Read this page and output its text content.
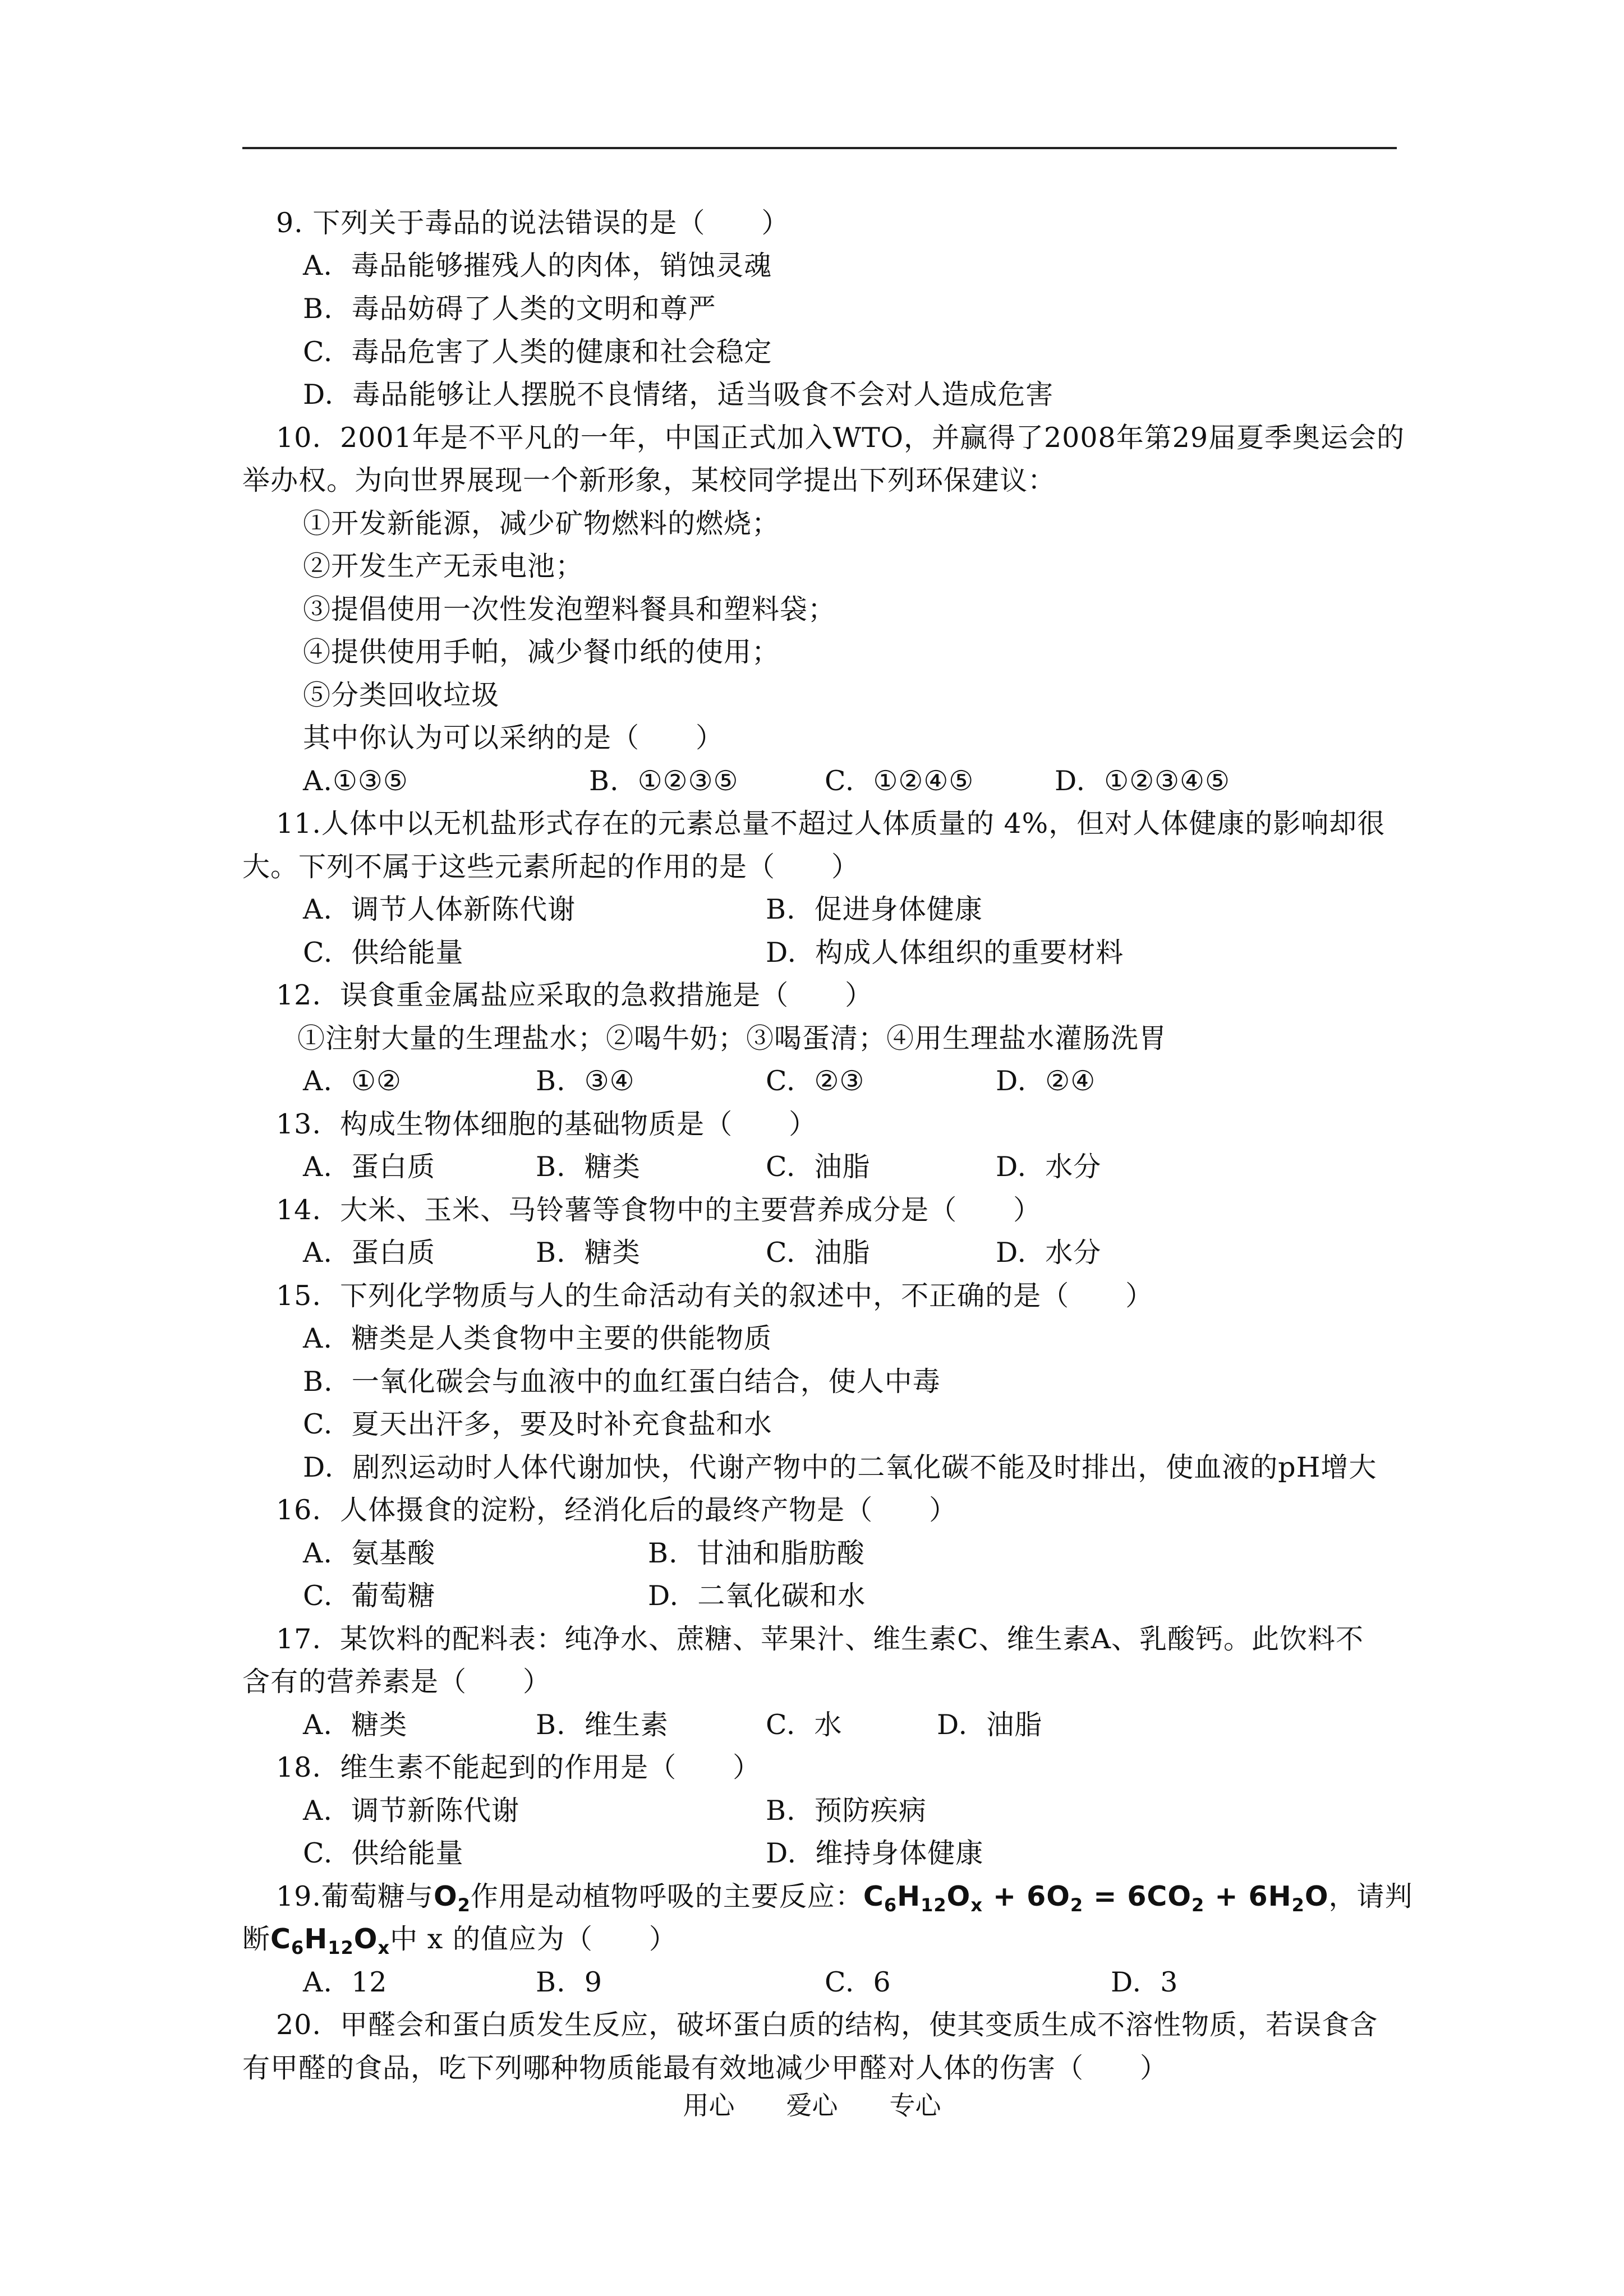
9. 下列关于毒品的说法错误的是（　　）
A.  毒品能够摧残人的肉体，销蚀灵魂
B.  毒品妨碍了人类的文明和尊严
C.  毒品危害了人类的健康和社会稳定
D.  毒品能够让人摆脱不良情绪，适当吸食不会对人造成危害
10.  2001年是不平凡的一年，中国正式加入WTO，并赢得了2008年第29届夏季奥运会的
举办权。为向世界展现一个新形象，某校同学提出下列环保建议：
①开发新能源，减少矿物燃料的燃烧；
②开发生产无汞电池；
③提倡使用一次性发泡塑料餐具和塑料袋；
④提供使用手帕，减少餐巾纸的使用；
⑤分类回收垃圾
其中你认为可以采纳的是（　　）
A.①③⑤	B.  ①②③⑤	C.  ①②④⑤	D.  ①②③④⑤
11.人体中以无机盐形式存在的元素总量不超过人体质量的 4%，但对人体健康的影响却很
大。下列不属于这些元素所起的作用的是（　　）
A.  调节人体新陈代谢	B.  促进身体健康
C.  供给能量	D.  构成人体组织的重要材料
12.  误食重金属盐应采取的急救措施是（　　）
①注射大量的生理盐水；②喝牛奶；③喝蛋清；④用生理盐水灌肠洗胃
A.  ①②	B.  ③④	C.  ②③	D.  ②④
13.  构成生物体细胞的基础物质是（　　）
A.  蛋白质	B.  糖类	C.  油脂	D.  水分
14.  大米、玉米、马铃薯等食物中的主要营养成分是（　　）
A.  蛋白质	B.  糖类	C.  油脂	D.  水分
15.  下列化学物质与人的生命活动有关的叙述中，不正确的是（　　）
A.  糖类是人类食物中主要的供能物质
B.  一氧化碳会与血液中的血红蛋白结合，使人中毒
C.  夏天出汗多，要及时补充食盐和水
D.  剧烈运动时人体代谢加快，代谢产物中的二氧化碳不能及时排出，使血液的pH增大
16.  人体摄食的淀粉，经消化后的最终产物是（　　）
A.  氨基酸	B.  甘油和脂肪酸
C.  葡萄糖	D.  二氧化碳和水
17.  某饮料的配料表：纯净水、蔗糖、苹果汁、维生素C、维生素A、乳酸钙。此饮料不
含有的营养素是（　　）
A.  糖类	B.  维生素	C.  水	D.  油脂
18.  维生素不能起到的作用是（　　）
A.  调节新陈代谢	B.  预防疾病
C.  供给能量	D.  维持身体健康
19.葡萄糖与$O_2$作用是动植物呼吸的主要反应：$C_6H_{12}O_x + 6O_2 = 6CO_2 + 6H_2O$，请判
断$C_6H_{12}O_x$中 x 的值应为（　　）
A.  12	B.  9	C.  6	D.  3
20.  甲醛会和蛋白质发生反应，破坏蛋白质的结构，使其变质生成不溶性物质，若误食含
有甲醛的食品，吃下列哪种物质能最有效地减少甲醛对人体的伤害（　　）
用心　　爱心　　专心
